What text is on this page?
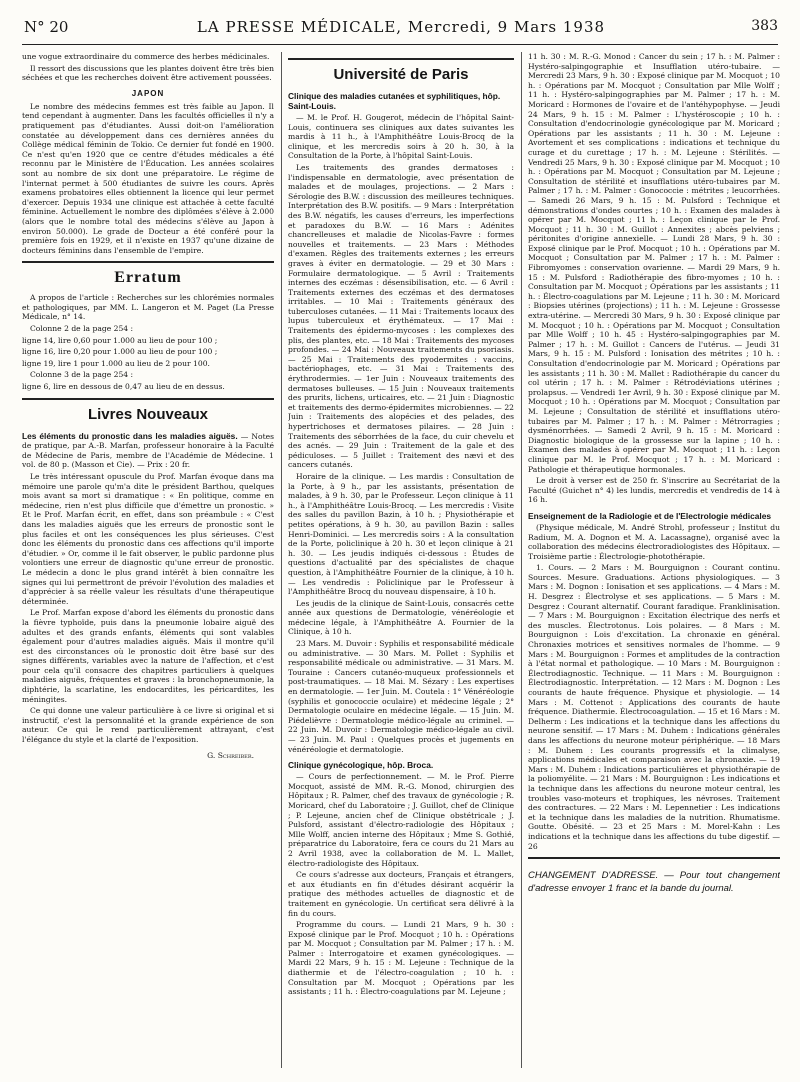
N° 20	LA PRESSE MÉDICALE, Mercredi, 9 Mars 1938	383

une vogue extraordinaire du commerce des herbes médicinales.

Il ressort des discussions que les plantes doivent être très bien séchées et que les recherches doivent être activement poussées.

JAPON

Le nombre des médecins femmes est très faible au Japon. Il tend cependant à augmenter. Dans les facultés officielles il n'y a pratiquement pas d'étudiantes. Aussi doit-on l'amélioration constatée au développement dans ces dernières années du Collège médical féminin de Tokio. Ce dernier fut fondé en 1900. Ce n'est qu'en 1920 que ce centre d'études médicales a été reconnu par le Ministère de l'Éducation. Les années scolaires sont au nombre de six dont une préparatoire. Le régime de l'internat permet à 500 étudiantes de suivre les cours. Après examens probatoires elles obtiennent la licence qui leur permet d'exercer. Depuis 1934 une clinique est attachée à cette faculté féminine. Actuellement le nombre des diplômées s'élève à 2.000 (alors que le nombre total des médecins s'élève au Japon à environ 50.000). Le grade de Docteur a été conféré pour la première fois en 1929, et il n'existe en 1937 qu'une dizaine de docteurs féminins dans l'ensemble de l'empire.

Erratum

A propos de l'article : Recherches sur les chlorémies normales et pathologiques, par MM. L. Langeron et M. Paget (La Presse Médicale, n° 14.

Colonne 2 de la page 254 :

ligne 14, lire 0,60 pour 1.000 au lieu de pour 100 ;

ligne 16, lire 0,20 pour 1.000 au lieu de pour 100 ;

ligne 19, lire 1 pour 1.000 au lieu de 2 pour 100.

Colonne 3 de la page 254 :

ligne 6, lire en dessous de 0,47 au lieu de en dessus.

Livres Nouveaux

Les éléments du pronostic dans les maladies aiguës. — Notes de pratique, par A.-B. Marfan, professeur honoraire à la Faculté de Médecine de Paris, membre de l'Académie de Médecine. 1 vol. de 80 p. (Masson et Cie). — Prix : 20 fr.

Le très intéressant opuscule du Prof. Marfan évoque dans ma mémoire une parole qu'm'a dite le président Barthou, quelques mois avant sa mort si dramatique : « En politique, comme en médecine, rien n'est plus difficile que d'émettre un pronostic. » Et le Prof. Marfan écrit, en effet, dans son préambule : « C'est dans les maladies aiguës que les erreurs de pronostic sont le plus faciles et ont les conséquences les plus sérieuses. C'est donc les éléments du pronostic dans ces affections qu'il importe d'étudier. » Or, comme il le fait observer, le public pardonne plus volontiers une erreur de diagnostic qu'une erreur de pronostic. Le médecin a donc le plus grand intérêt à bien connaître les signes qui lui permettront de prévoir l'évolution des maladies et d'apprécier à sa réelle valeur les résultats d'une thérapeutique déterminée.

Le Prof. Marfan expose d'abord les éléments du pronostic dans la fièvre typhoïde, puis dans la pneumonie lobaire aiguë des adultes et des grands enfants, éléments qui sont valables également pour d'autres maladies aiguës. Mais il montre qu'il est des circonstances où le pronostic doit être basé sur des signes différents, variables avec la nature de l'affection, et c'est pour cela qu'il consacre des chapitres particuliers à quelques maladies aiguës, fréquentes et graves : la bronchopneumonie, la diphtérie, la scarlatine, les endocardites, les péricardites, les méningites.

Ce qui donne une valeur particulière à ce livre si original et si instructif, c'est la personnalité et la grande expérience de son auteur. Ce qui le rend particulièrement attrayant, c'est l'élégance du style et la clarté de l'exposition.

G. Schreiber.
Université de Paris
Clinique des maladies cutanées et syphilitiques, hôp. Saint-Louis.

— M. le Prof. H. Gougerot, médecin de l'hôpital Saint-Louis, continuera ses cliniques aux dates suivantes les mardis à 11 h., à l'Amphithéâtre Louis-Brocq de la clinique, et les mercredis soirs à 20 h. 30, à la Consultation de la Porte, à l'hôpital Saint-Louis.

Les traitements des grandes dermatoses : l'indispensable en dermatologie, avec présentation de malades et de moulages, projections. — 2 Mars : Sérologie des B.W. : discussion des meilleures techniques. Interprétation des B.W. positifs. — 9 Mars : Interprétation des B.W. négatifs, les causes d'erreurs, les imperfections et paradoxes du B.W. — 16 Mars : Adénites chancrelleuses et maladie de Nicolas-Favre : formes nouvelles et traitements. — 23 Mars : Méthodes d'examen. Règles des traitements externes ; les erreurs graves à éviter en dermatologie. — 29 et 30 Mars : Formulaire dermatologique. — 5 Avril : Traitements internes des eczémas : désensibilisation, etc. — 6 Avril : Traitements externes des eczémas et des dermatoses irritables. — 10 Mai : Traitements généraux des tuberculoses cutanées. — 11 Mai : Traitements locaux des lupus tuberculeux et érythémateux. — 17 Mai : Traitements des épidermo-mycoses : les complexes des plis, des plantes, etc. — 18 Mai : Traitements des mycoses profondes. — 24 Mai : Nouveaux traitements du psoriasis. — 25 Mai : Traitements des pyodermites : vaccins, bactériophages, etc. — 31 Mai : Traitements des érythrodermies. — 1er Juin : Nouveaux traitements des dermatoses bulleuses. — 15 Juin : Nouveaux traitements des prurits, lichens, urticaires, etc. — 21 Juin : Diagnostic et traitements des dermo-épidermites microbiennes. — 22 Juin : Traitements des alopécies et des pelades, des hypertrichoses et dermatoses pilaires. — 28 Juin : Traitements des séborrhées de la face, du cuir chevelu et des acnés. — 29 Juin : Traitement de la gale et des pédiculoses. — 5 Juillet : Traitement des nævi et des cancers cutanés.

Horaire de la clinique. — Les mardis : Consultation de la Porte, à 9 h., par les assistants, présentation de malades, à 9 h. 30, par le Professeur. Leçon clinique à 11 h., à l'Amphithéâtre Louis-Brocq. — Les mercredis : Visite des salles du pavillon Bazin, à 10 h. ; Physiothérapie et petites opérations, à 9 h. 30, au pavillon Bazin : salles Henri-Dominici. — Les mercredis soirs : A la consultation de la Porte, policlinique à 20 h. 30 et leçon clinique à 21 h. 30. — Les jeudis indiqués ci-dessous : Études de questions d'actualité par des spécialistes de chaque question, à l'Amphithéâtre Fournier de la clinique, à 10 h. — Les vendredis : Policlinique par le Professeur à l'Amphithéâtre Brocq du nouveau dispensaire, à 10 h.

Les jeudis de la clinique de Saint-Louis, consacrés cette année aux questions de Dermatologie, vénéréologie et médecine légale, à l'Amphithéâtre A. Fournier de la Clinique, à 10 h.

23 Mars. M. Duvoir : Syphilis et responsabilité médicale ou administrative. — 30 Mars. M. Pollet : Syphilis et responsabilité médicale ou administrative. — 31 Mars. M. Touraine : Cancers cutanéo-muqueux professionnels et post-traumatiques. — 18 Mai. M. Sézary : Les expertises en dermatologie. — 1er Juin. M. Coutela : 1° Vénéréologie (syphilis et gonococcie oculaire) et médecine légale ; 2° Dermatologie oculaire en médecine légale. — 15 Juin. M. Piédelièvre : Dermatologie médico-légale au criminel. — 22 Juin. M. Duvoir : Dermatologie médico-légale au civil. — 23 Juin. M. Paul : Quelques procès et jugements en vénéréologie et dermatologie.

Clinique gynécologique, hôp. Broca.

— Cours de perfectionnement. — M. le Prof. Pierre Mocquot, assisté de MM. R.-G. Monod, chirurgien des Hôpitaux ; R. Palmer, chef des travaux de gynécologie ; R. Moricard, chef du Laboratoire ; J. Guillot, chef de Clinique ; P. Lejeune, ancien chef de Clinique obstétricale ; J. Pulsford, assistant d'électro-radiologie des Hôpitaux ; Mlle Wolff, ancien interne des Hôpitaux ; Mme S. Gothié, préparatrice du Laboratoire, fera ce cours du 21 Mars au 2 Avril 1938, avec la collaboration de M. L. Mallet, électro-radiologiste des Hôpitaux.

Ce cours s'adresse aux docteurs, Français et étrangers, et aux étudiants en fin d'études désirant acquérir la pratique des méthodes actuelles de diagnostic et de traitement en gynécologie. Un certificat sera délivré à la fin du cours.

Programme du cours. — Lundi 21 Mars, 9 h. 30 : Exposé clinique par le Prof. Mocquot ; 10 h. : Opérations par M. Mocquot ; Consultation par M. Palmer ; 17 h. : M. Palmer : Interrogatoire et examen gynécologiques. — Mardi 22 Mars, 9 h. 15 : M. Lejeune : Technique de la diathermie et de l'électro-coagulation ; 10 h. : Consultation par M. Mocquot ; Opérations par les assistants ; 11 h. : Électro-coagulations par M. Lejeune ;

11 h. 30 : M. R.-G. Monod : Cancer du sein ; 17 h. : M. Palmer : Hystéro-salpingographie et Insufflation utéro-tubaire. — Mercredi 23 Mars, 9 h. 30 : Exposé clinique par M. Mocquot ; 10 h. : Opérations par M. Mocquot ; Consultation par Mlle Wolff ; 11 h. : Hystéro-salpingographies par M. Palmer ; 17 h. : M. Moricard : Hormones de l'ovaire et de l'antéhypophyse. — Jeudi 24 Mars, 9 h. 15 : M. Palmer : L'hystéroscopie ; 10 h. : Consultation d'endocrinologie gynécologique par M. Moricard ; Opérations par les assistants ; 11 h. 30 : M. Lejeune : Avortement et ses complications : indications et technique du curage et du curettage ; 17 h. : M. Lejeune : Stérilités. — Vendredi 25 Mars, 9 h. 30 : Exposé clinique par M. Mocquot ; 10 h. : Opérations par M. Mocquot ; Consultation par M. Lejeune ; Consultation de stérilité et insufflations utéro-tubaires par M. Palmer ; 17 h. : M. Palmer : Gonococcie : métrites ; leucorrhées. — Samedi 26 Mars, 9 h. 15 : M. Pulsford : Technique et démonstrations d'ondes courtes ; 10 h. : Examen des malades à opérer par M. Mocquot ; 11 h. : Leçon clinique par le Prof. Mocquot ; 11 h. 30 : M. Guillot : Annexites ; abcès pelviens ; péritonites d'origine annexielle. — Lundi 28 Mars, 9 h. 30 : Exposé clinique par le Prof. Mocquot ; 10 h. : Opérations par M. Mocquot ; Consultation par M. Palmer ; 17 h. : M. Palmer : Fibromyomes : conservation ovarienne. — Mardi 29 Mars, 9 h. 15 : M. Pulsford : Radiothérapie des fibro-myomes ; 10 h. : Consultation par M. Mocquot ; Opérations par les assistants ; 11 h. : Électro-coagulations par M. Lejeune ; 11 h. 30 : M. Moricard : Biopsies utérines (projections) ; 11 h. : M. Lejeune : Grossesse extra-utérine. — Mercredi 30 Mars, 9 h. 30 : Exposé clinique par M. Mocquot ; 10 h. : Opérations par M. Mocquot ; Consultation par Mlle Wolff ; 10 h. 45 : Hystéro-salpingographies par M. Palmer ; 17 h. : M. Guillot : Cancers de l'utérus. — Jeudi 31 Mars, 9 h. 15 : M. Pulsford : Ionisation des métrites ; 10 h. : Consultation d'endocrinologie par M. Moricard ; Opérations par les assistants ; 11 h. 30 : M. Mallet : Radiothérapie du cancer du col utérin ; 17 h. : M. Palmer : Rétrodéviations utérines ; prolapsus. — Vendredi 1er Avril, 9 h. 30 : Exposé clinique par M. Mocquot ; 10 h. : Opérations par M. Mocquot ; Consultation par M. Lejeune ; Consultation de stérilité et insufflations utéro-tubaires par M. Palmer ; 17 h. : M. Palmer : Métrorragies ; dysménorrhées. — Samedi 2 Avril, 9 h. 15 : M. Moricard : Diagnostic biologique de la grossesse sur la lapine ; 10 h. : Examen des malades à opérer par M. Mocquot ; 11 h. : Leçon clinique par M. le Prof. Mocquot ; 17 h. : M. Moricard : Pathologie et thérapeutique hormonales.

Le droit à verser est de 250 fr. S'inscrire au Secrétariat de la Faculté (Guichet n° 4) les lundis, mercredis et vendredis de 14 à 16 h.

Enseignement de la Radiologie et de l'Electrologie médicales

(Physique médicale, M. André Strohl, professeur ; Institut du Radium, M. A. Dognon et M. A. Lacassagne), organisé avec la collaboration des médecins électroradiologistes des Hôpitaux. — Troisième partie : Électrologie-photothérapie.

1. Cours. — 2 Mars : M. Bourguignon : Courant continu. Sources. Mesure. Graduations. Actions physiologiques. — 3 Mars : M. Dognon : Ionisation et ses applications. — 4 Mars : M. H. Desgrez : Électrolyse et ses applications. — 5 Mars : M. Desgrez : Courant alternatif. Courant faradique. Franklinisation. — 7 Mars : M. Bourguignon : Excitation électrique des nerfs et des muscles. Électrotonus. Lois polaires. — 8 Mars : M. Bourguignon : Lois d'excitation. La chronaxie en général. Chronaxies motrices et sensitives normales de l'homme. — 9 Mars : M. Bourguignon : Formes et amplitudes de la contraction à l'état normal et pathologique. — 10 Mars : M. Bourguignon : Électrodiagnostic. Technique. — 11 Mars : M. Bourguignon : Électrodiagnostic. Interprétation. — 12 Mars : M. Dognon : Les courants de haute fréquence. Physique et physiologie. — 14 Mars : M. Cottenot : Applications des courants de haute fréquence. Diathermie. Électrocoagulation. — 15 et 16 Mars : M. Delherm : Les indications et la technique dans les affections du neurone sensitif. — 17 Mars : M. Duhem : Indications générales dans les affections du neurone moteur périphérique. — 18 Mars : M. Duhem : Les courants progressifs et la climalyse, applications médicales et comparaison avec la chronaxie. — 19 Mars : M. Duhem : Indications particulières et physiothérapie de la poliomyélite. — 21 Mars : M. Bourguignon : Les indications et la technique dans les affections du neurone moteur central, les troubles vaso-moteurs et trophiques, les névroses. Traitement des contractures. — 22 Mars : M. Lepennetier : Les indications et la technique dans les maladies de la nutrition. Rhumatisme. Goutte. Obésité. — 23 et 25 Mars : M. Morel-Kahn : Les indications et la technique dans les affections du tube digestif. — 26

CHANGEMENT D'ADRESSE. — Pour tout changement d'adresse envoyer 1 franc et la bande du journal.
